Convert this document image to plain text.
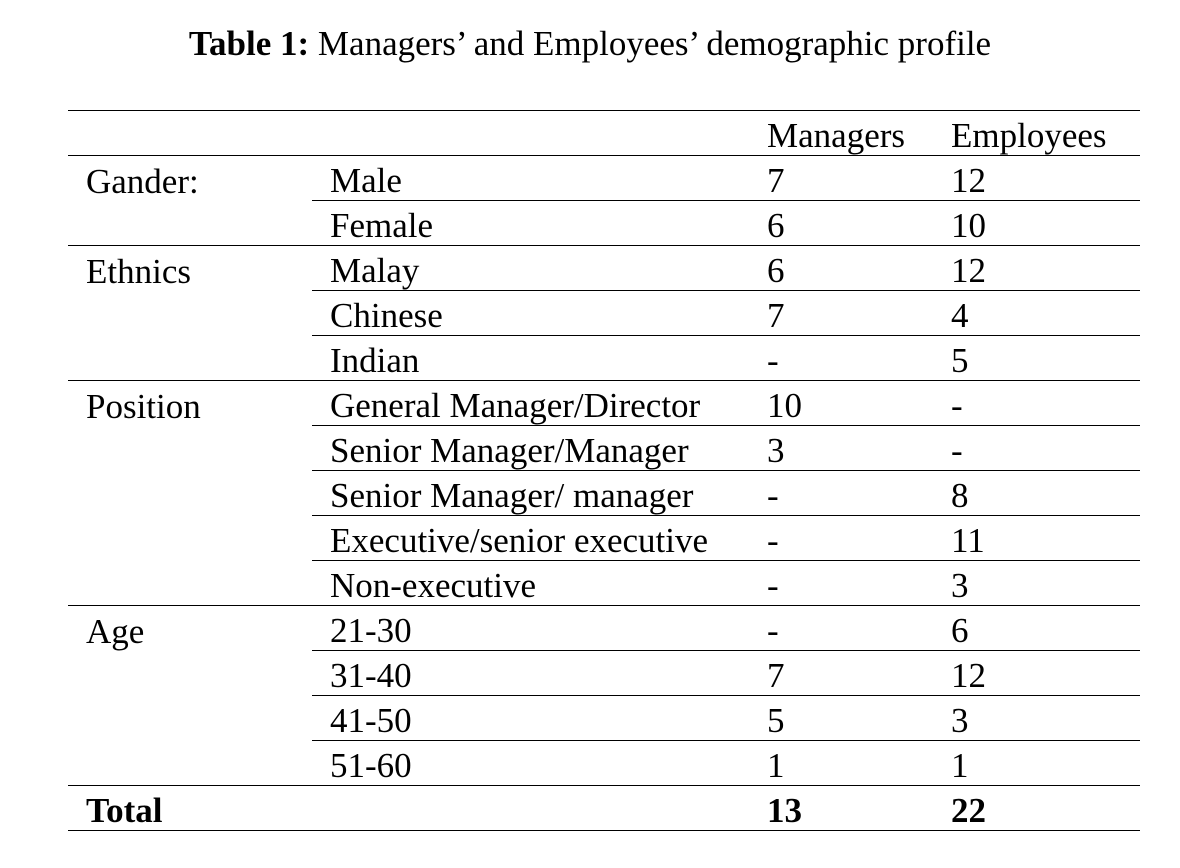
Table 1: Managers’ and Employees’ demographic profile
		Managers	Employees
Gander:	Male	7	12
	Female	6	10
Ethnics	Malay	6	12
	Chinese	7	4
	Indian	-	5
Position	General Manager/Director	10	-
	Senior Manager/Manager	3	-
	Senior Manager/ manager	-	8
	Executive/senior executive	-	11
	Non-executive	-	3
Age	21-30	-	6
	31-40	7	12
	41-50	5	3
	51-60	1	1
Total		13	22
